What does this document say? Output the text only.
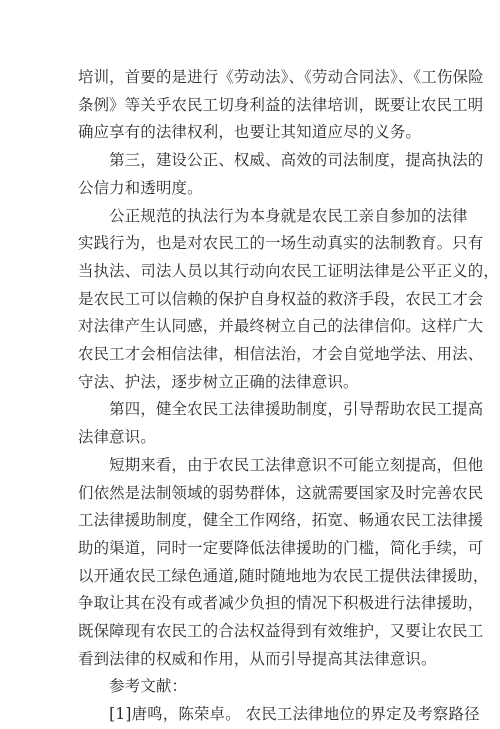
培训，首要的是进行《劳动法》、《劳动合同法》、《工伤保险
条例》等关乎农民工切身利益的法律培训，既要让农民工明
确应享有的法律权利，也要让其知道应尽的义务。

　　第三，建设公正、权威、高效的司法制度，提高执法的
公信力和透明度。

　　公正规范的执法行为本身就是农民工亲自参加的法律
实践行为，也是对农民工的一场生动真实的法制教育。只有
当执法、司法人员以其行动向农民工证明法律是公平正义的，
是农民工可以信赖的保护自身权益的救济手段，农民工才会
对法律产生认同感，并最终树立自己的法律信仰。这样广大
农民工才会相信法律，相信法治，才会自觉地学法、用法、
守法、护法，逐步树立正确的法律意识。

　　第四，健全农民工法律援助制度，引导帮助农民工提高
法律意识。

　　短期来看，由于农民工法律意识不可能立刻提高，但他
们依然是法制领域的弱势群体，这就需要国家及时完善农民
工法律援助制度，健全工作网络，拓宽、畅通农民工法律援
助的渠道，同时一定要降低法律援助的门槛，简化手续，可
以开通农民工绿色通道,随时随地地为农民工提供法律援助，
争取让其在没有或者减少负担的情况下积极进行法律援助，
既保障现有农民工的合法权益得到有效维护，又要让农民工
看到法律的权威和作用，从而引导提高其法律意识。

　　参考文献：

　　[1]唐鸣，陈荣卓。 农民工法律地位的界定及考察路径
